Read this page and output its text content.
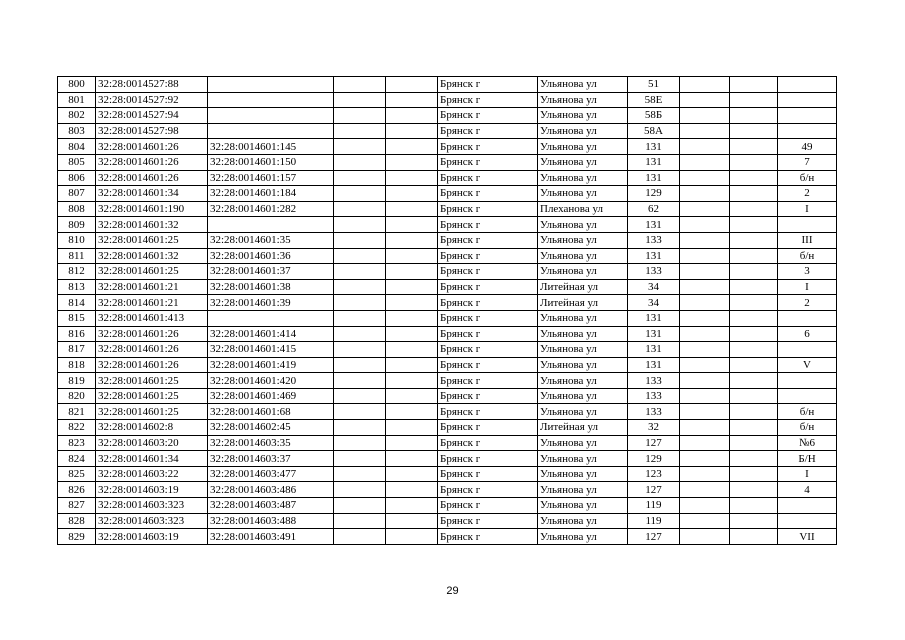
800	32:28:0014527:88				Брянск г	Ульянова ул	51			
801	32:28:0014527:92				Брянск г	Ульянова ул	58Е			
802	32:28:0014527:94				Брянск г	Ульянова ул	58Б			
803	32:28:0014527:98				Брянск г	Ульянова ул	58А			
804	32:28:0014601:26	32:28:0014601:145			Брянск г	Ульянова ул	131			49
805	32:28:0014601:26	32:28:0014601:150			Брянск г	Ульянова ул	131			7
806	32:28:0014601:26	32:28:0014601:157			Брянск г	Ульянова ул	131			б/н
807	32:28:0014601:34	32:28:0014601:184			Брянск г	Ульянова ул	129			2
808	32:28:0014601:190	32:28:0014601:282			Брянск г	Плеханова ул	62			I
809	32:28:0014601:32				Брянск г	Ульянова ул	131			
810	32:28:0014601:25	32:28:0014601:35			Брянск г	Ульянова ул	133			III
811	32:28:0014601:32	32:28:0014601:36			Брянск г	Ульянова ул	131			б/н
812	32:28:0014601:25	32:28:0014601:37			Брянск г	Ульянова ул	133			3
813	32:28:0014601:21	32:28:0014601:38			Брянск г	Литейная ул	34			I
814	32:28:0014601:21	32:28:0014601:39			Брянск г	Литейная ул	34			2
815	32:28:0014601:413				Брянск г	Ульянова ул	131			
816	32:28:0014601:26	32:28:0014601:414			Брянск г	Ульянова ул	131			6
817	32:28:0014601:26	32:28:0014601:415			Брянск г	Ульянова ул	131			
818	32:28:0014601:26	32:28:0014601:419			Брянск г	Ульянова ул	131			V
819	32:28:0014601:25	32:28:0014601:420			Брянск г	Ульянова ул	133			
820	32:28:0014601:25	32:28:0014601:469			Брянск г	Ульянова ул	133			
821	32:28:0014601:25	32:28:0014601:68			Брянск г	Ульянова ул	133			б/н
822	32:28:0014602:8	32:28:0014602:45			Брянск г	Литейная ул	32			б/н
823	32:28:0014603:20	32:28:0014603:35			Брянск г	Ульянова ул	127			№6
824	32:28:0014601:34	32:28:0014603:37			Брянск г	Ульянова ул	129			Б/Н
825	32:28:0014603:22	32:28:0014603:477			Брянск г	Ульянова ул	123			I
826	32:28:0014603:19	32:28:0014603:486			Брянск г	Ульянова ул	127			4
827	32:28:0014603:323	32:28:0014603:487			Брянск г	Ульянова ул	119			
828	32:28:0014603:323	32:28:0014603:488			Брянск г	Ульянова ул	119			
829	32:28:0014603:19	32:28:0014603:491			Брянск г	Ульянова ул	127			VII
29
